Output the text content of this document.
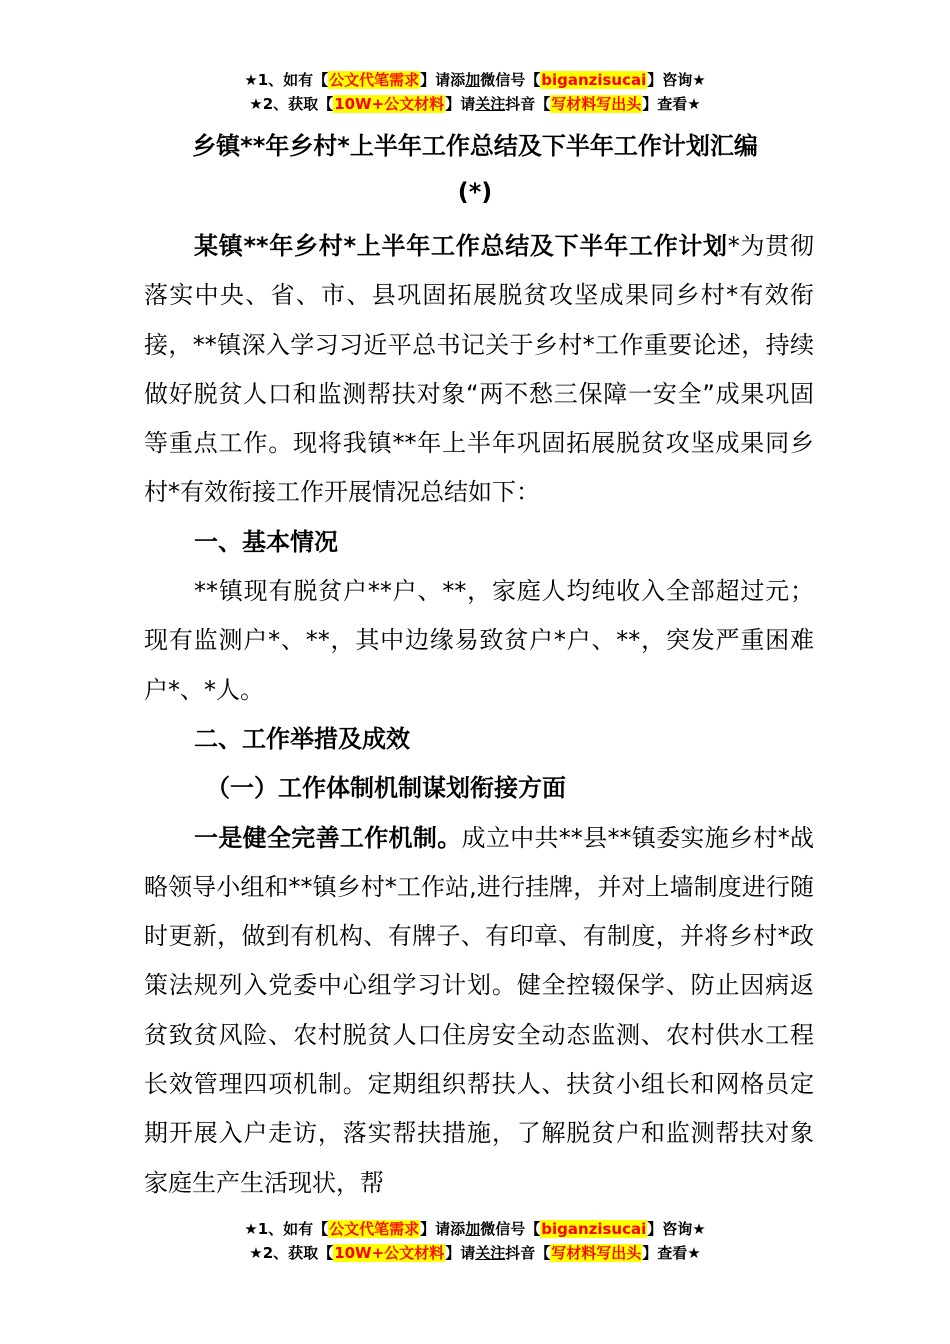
★1、如有【公文代笔需求】请添加微信号【biganzisucai】咨询★
★2、获取【10W+公文材料】请关注抖音【写材料写出头】查看★
乡镇**年乡村*上半年工作总结及下半年工作计划汇编
(*)

某镇**年乡村*上半年工作总结及下半年工作计划*为贯彻落实中央、省、市、县巩固拓展脱贫攻坚成果同乡村*有效衔接，**镇深入学习习近平总书记关于乡村*工作重要论述，持续做好脱贫人口和监测帮扶对象“两不愁三保障一安全”成果巩固等重点工作。现将我镇**年上半年巩固拓展脱贫攻坚成果同乡村*有效衔接工作开展情况总结如下：

一、基本情况

**镇现有脱贫户**户、**，家庭人均纯收入全部超过元；现有监测户*、**，其中边缘易致贫户*户、**，突发严重困难户*、*人。

二、工作举措及成效

（一）工作体制机制谋划衔接方面

一是健全完善工作机制。成立中共**县**镇委实施乡村*战略领导小组和**镇乡村*工作站,进行挂牌，并对上墙制度进行随时更新，做到有机构、有牌子、有印章、有制度，并将乡村*政策法规列入党委中心组学习计划。健全控辍保学、防止因病返贫致贫风险、农村脱贫人口住房安全动态监测、农村供水工程长效管理四项机制。定期组织帮扶人、扶贫小组长和网格员定期开展入户走访，落实帮扶措施，了解脱贫户和监测帮扶对象家庭生产生活现状，帮

★1、如有【公文代笔需求】请添加微信号【biganzisucai】咨询★
★2、获取【10W+公文材料】请关注抖音【写材料写出头】查看★
